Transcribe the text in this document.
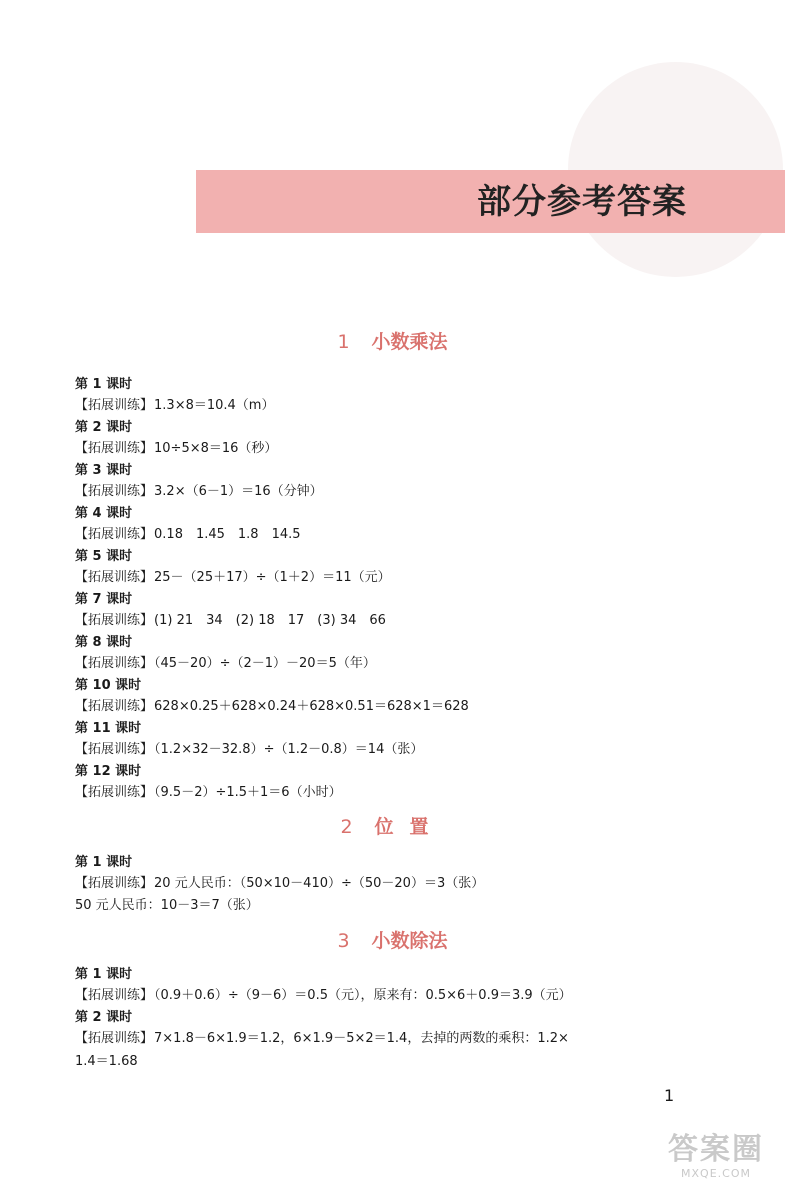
部分参考答案
1 小数乘法
第 1 课时
【拓展训练】1.3×8＝10.4（m）
第 2 课时
【拓展训练】10÷5×8＝16（秒）
第 3 课时
【拓展训练】3.2×（6－1）＝16（分钟）
第 4 课时
【拓展训练】0.18　1.45　1.8　14.5
第 5 课时
【拓展训练】25－（25＋17）÷（1＋2）＝11（元）
第 7 课时
【拓展训练】(1) 21　34　(2) 18　17　(3) 34　66
第 8 课时
【拓展训练】（45－20）÷（2－1）－20＝5（年）
第 10 课时
【拓展训练】628×0.25＋628×0.24＋628×0.51＝628×1＝628
第 11 课时
【拓展训练】（1.2×32－32.8）÷（1.2－0.8）＝14（张）
第 12 课时
【拓展训练】（9.5－2）÷1.5＋1＝6（小时）
2 位置
第 1 课时
【拓展训练】20 元人民币：（50×10－410）÷（50－20）＝3（张）
50 元人民币：10－3＝7（张）
3 小数除法
第 1 课时
【拓展训练】（0.9＋0.6）÷（9－6）＝0.5（元），原来有：0.5×6＋0.9＝3.9（元）
第 2 课时
【拓展训练】7×1.8－6×1.9＝1.2，6×1.9－5×2＝1.4，去掉的两数的乘积：1.2×
1.4＝1.68
1
答案圈
MXQE.COM
